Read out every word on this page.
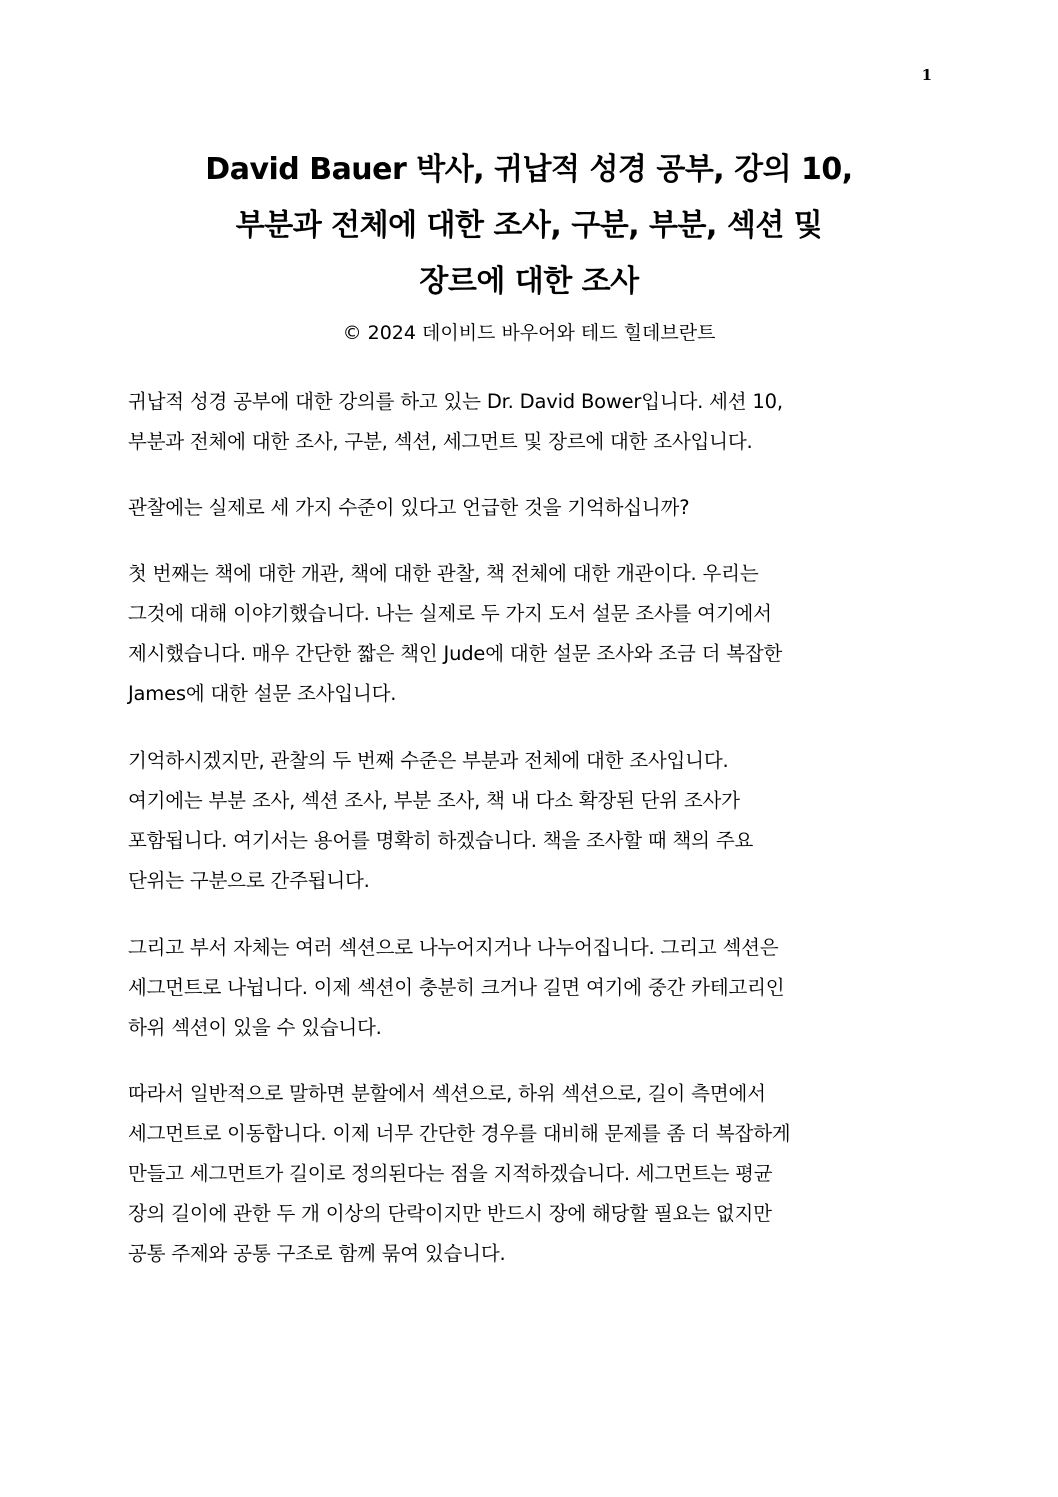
1
David Bauer 박사, 귀납적 성경 공부, 강의 10,
부분과 전체에 대한 조사, 구분, 부분, 섹션 및
장르에 대한 조사
© 2024 데이비드 바우어와 테드 힐데브란트
귀납적 성경 공부에 대한 강의를 하고 있는 Dr. David Bower입니다. 세션 10,
부분과 전체에 대한 조사, 구분, 섹션, 세그먼트 및 장르에 대한 조사입니다.
관찰에는 실제로 세 가지 수준이 있다고 언급한 것을 기억하십니까?
첫 번째는 책에 대한 개관, 책에 대한 관찰, 책 전체에 대한 개관이다. 우리는
그것에 대해 이야기했습니다. 나는 실제로 두 가지 도서 설문 조사를 여기에서
제시했습니다. 매우 간단한 짧은 책인 Jude에 대한 설문 조사와 조금 더 복잡한
James에 대한 설문 조사입니다.
기억하시겠지만, 관찰의 두 번째 수준은 부분과 전체에 대한 조사입니다.
여기에는 부분 조사, 섹션 조사, 부분 조사, 책 내 다소 확장된 단위 조사가
포함됩니다. 여기서는 용어를 명확히 하겠습니다. 책을 조사할 때 책의 주요
단위는 구분으로 간주됩니다.
그리고 부서 자체는 여러 섹션으로 나누어지거나 나누어집니다. 그리고 섹션은
세그먼트로 나뉩니다. 이제 섹션이 충분히 크거나 길면 여기에 중간 카테고리인
하위 섹션이 있을 수 있습니다.
따라서 일반적으로 말하면 분할에서 섹션으로, 하위 섹션으로, 길이 측면에서
세그먼트로 이동합니다. 이제 너무 간단한 경우를 대비해 문제를 좀 더 복잡하게
만들고 세그먼트가 길이로 정의된다는 점을 지적하겠습니다. 세그먼트는 평균
장의 길이에 관한 두 개 이상의 단락이지만 반드시 장에 해당할 필요는 없지만
공통 주제와 공통 구조로 함께 묶여 있습니다.
